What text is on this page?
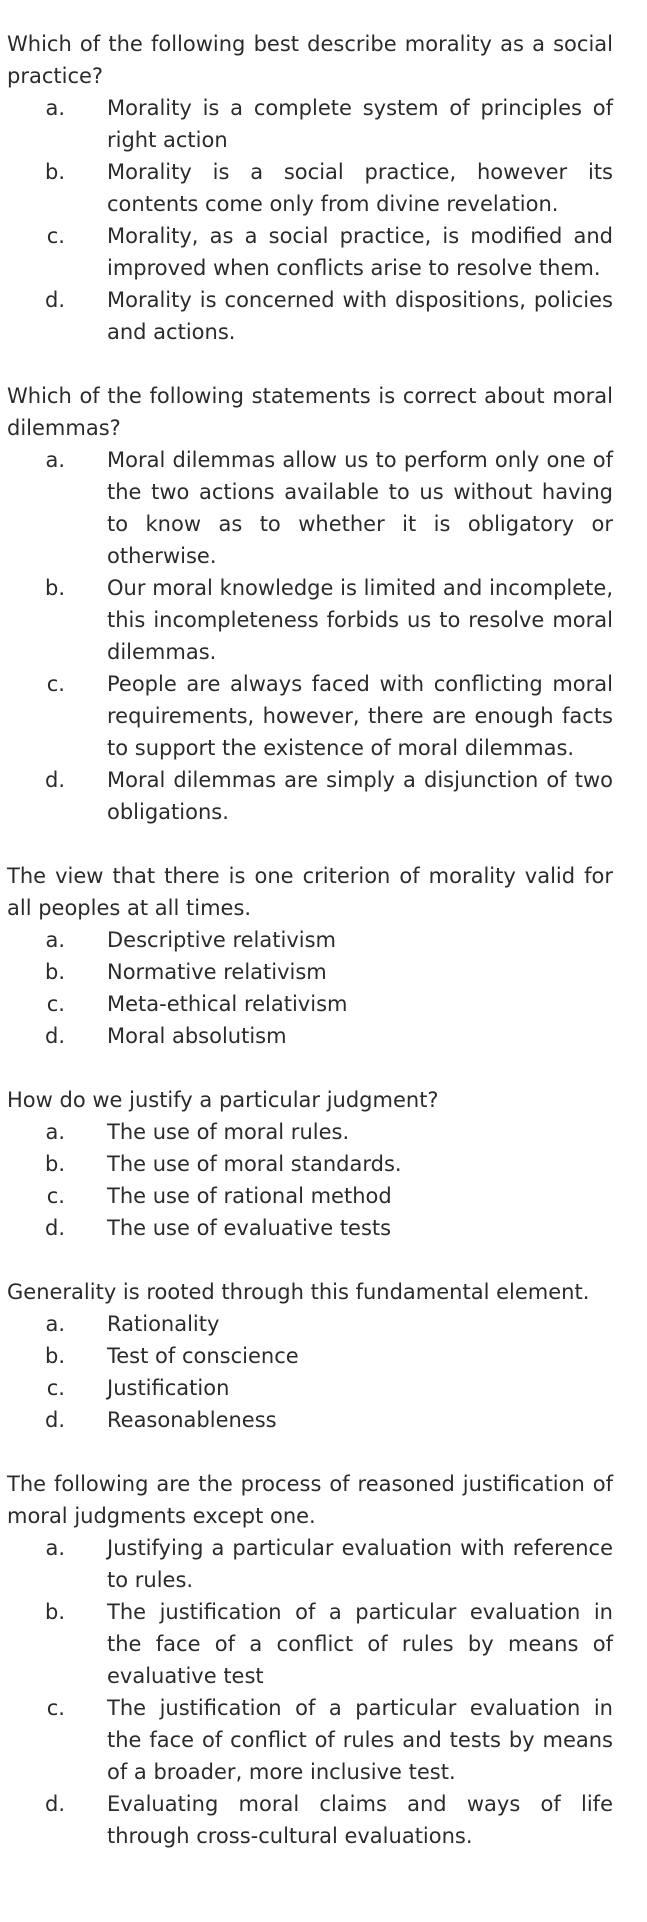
Which of the following best describe morality as a social practice?
a.	Morality is a complete system of principles of right action
b.	Morality is a social practice, however its contents come only from divine revelation.
c.	Morality, as a social practice, is modified and improved when conflicts arise to resolve them.
d.	Morality is concerned with dispositions, policies and actions.
Which of the following statements is correct about moral dilemmas?
a.	Moral dilemmas allow us to perform only one of the two actions available to us without having to know as to whether it is obligatory or otherwise.
b.	Our moral knowledge is limited and incomplete, this incompleteness forbids us to resolve moral dilemmas.
c.	People are always faced with conflicting moral requirements, however, there are enough facts to support the existence of moral dilemmas.
d.	Moral dilemmas are simply a disjunction of two obligations.
The view that there is one criterion of morality valid for all peoples at all times.
a.	Descriptive relativism
b.	Normative relativism
c.	Meta-ethical relativism
d.	Moral absolutism
How do we justify a particular judgment?
a.	The use of moral rules.
b.	The use of moral standards.
c.	The use of rational method
d.	The use of evaluative tests
Generality is rooted through this fundamental element.
a.	Rationality
b.	Test of conscience
c.	Justification
d.	Reasonableness
The following are the process of reasoned justification of moral judgments except one.
a.	Justifying a particular evaluation with reference to rules.
b.	The justification of a particular evaluation in the face of a conflict of rules by means of evaluative test
c.	The justification of a particular evaluation in the face of conflict of rules and tests by means of a broader, more inclusive test.
d.	Evaluating moral claims and ways of life through cross-cultural evaluations.
